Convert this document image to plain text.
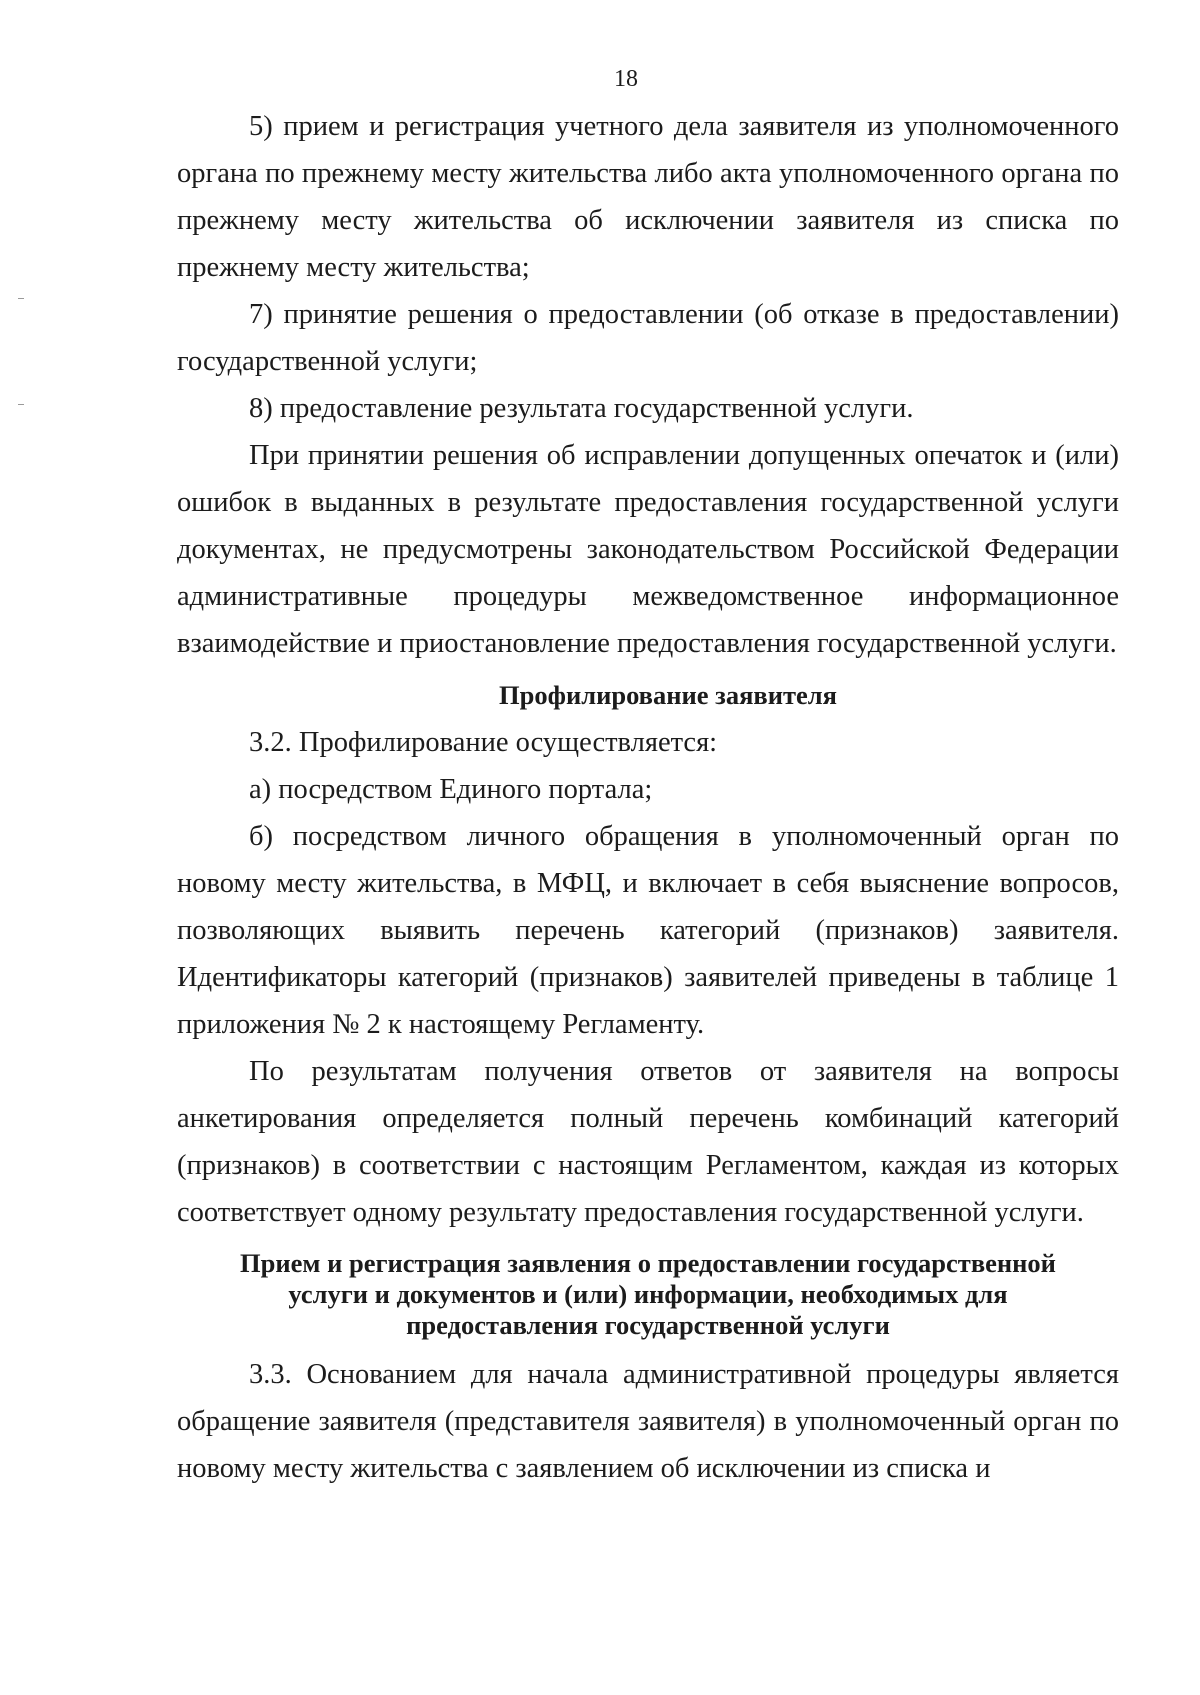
18

5) прием и регистрация учетного дела заявителя из уполномоченного органа по прежнему месту жительства либо акта уполномоченного органа по прежнему месту жительства об исключении заявителя из списка по прежнему месту жительства;

7) принятие решения о предоставлении (об отказе в предоставлении) государственной услуги;

8) предоставление результата государственной услуги.

При принятии решения об исправлении допущенных опечаток и (или) ошибок в выданных в результате предоставления государственной услуги документах, не предусмотрены законодательством Российской Федерации административные процедуры межведомственное информационное взаимодействие и приостановление предоставления государственной услуги.

Профилирование заявителя

3.2. Профилирование осуществляется:

а) посредством Единого портала;

б) посредством личного обращения в уполномоченный орган по новому месту жительства, в МФЦ, и включает в себя выяснение вопросов, позволяющих выявить перечень категорий (признаков) заявителя. Идентификаторы категорий (признаков) заявителей приведены в таблице 1 приложения № 2 к настоящему Регламенту.

По результатам получения ответов от заявителя на вопросы анкетирования определяется полный перечень комбинаций категорий (признаков) в соответствии с настоящим Регламентом, каждая из которых соответствует одному результату предоставления государственной услуги.

Прием и регистрация заявления о предоставлении государственной
услуги и документов и (или) информации, необходимых для
предоставления государственной услуги

3.3. Основанием для начала административной процедуры является обращение заявителя (представителя заявителя) в уполномоченный орган по новому месту жительства с заявлением об исключении из списка и
